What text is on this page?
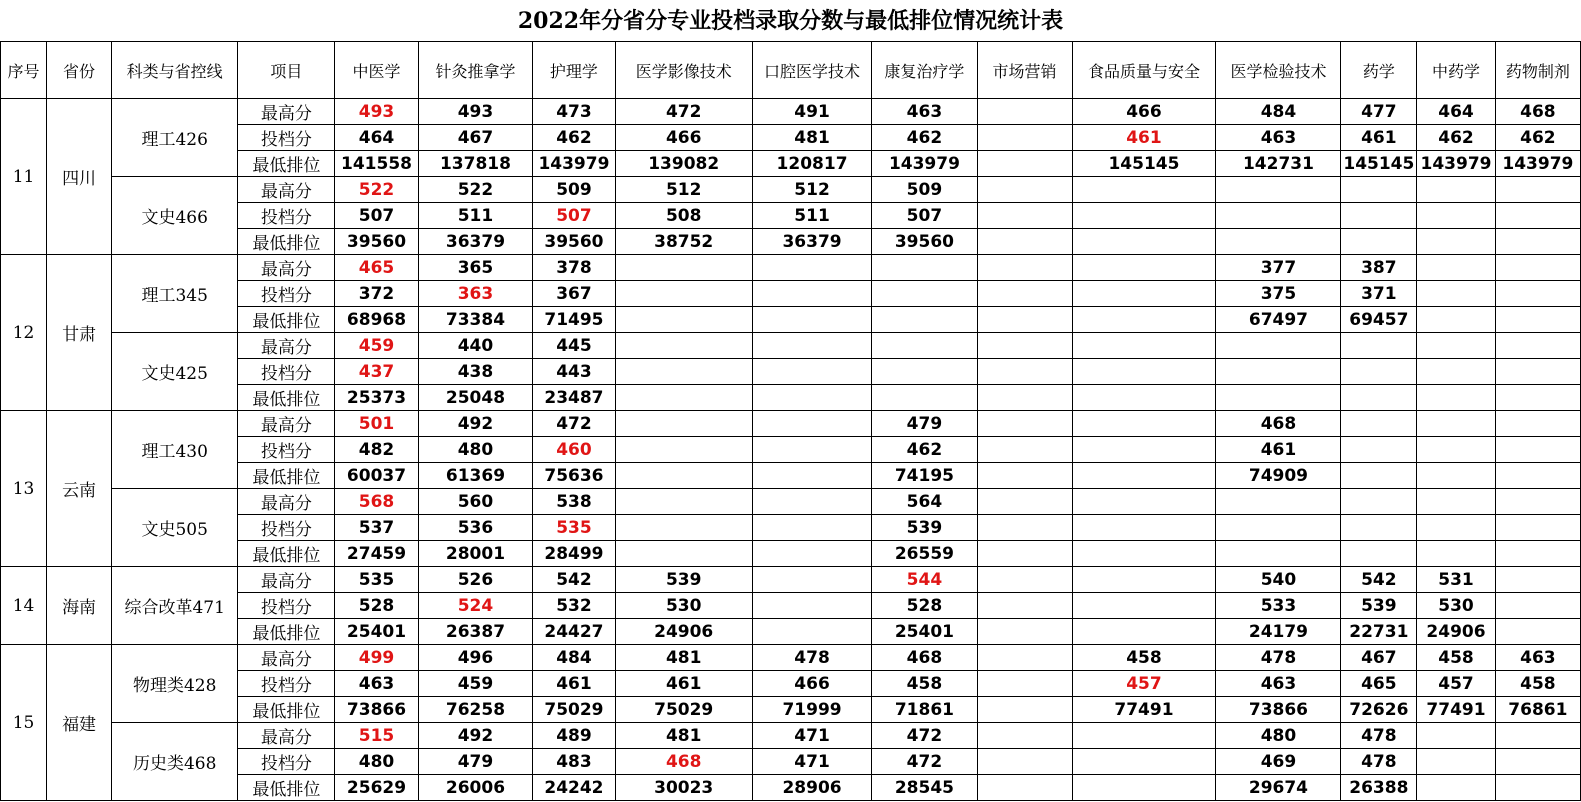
2022年分省分专业投档录取分数与最低排位情况统计表
序号	省份	科类与省控线	项目	中医学	针灸推拿学	护理学	医学影像技术	口腔医学技术	康复治疗学	市场营销	食品质量与安全	医学检验技术	药学	中药学	药物制剂
11	四川	理工426	最高分	493	493	473	472	491	463		466	484	477	464	468
			投档分	464	467	462	466	481	462		461	463	461	462	462
			最低排位	141558	137818	143979	139082	120817	143979		145145	142731	145145	143979	143979
		文史466	最高分	522	522	509	512	512	509						
			投档分	507	511	507	508	511	507						
			最低排位	39560	36379	39560	38752	36379	39560						
12	甘肃	理工345	最高分	465	365	378						377	387		
			投档分	372	363	367						375	371		
			最低排位	68968	73384	71495						67497	69457		
		文史425	最高分	459	440	445									
			投档分	437	438	443									
			最低排位	25373	25048	23487									
13	云南	理工430	最高分	501	492	472			479			468			
			投档分	482	480	460			462			461			
			最低排位	60037	61369	75636			74195			74909			
		文史505	最高分	568	560	538			564						
			投档分	537	536	535			539						
			最低排位	27459	28001	28499			26559						
14	海南	综合改革471	最高分	535	526	542	539		544			540	542	531	
			投档分	528	524	532	530		528			533	539	530	
			最低排位	25401	26387	24427	24906		25401			24179	22731	24906	
15	福建	物理类428	最高分	499	496	484	481	478	468		458	478	467	458	463
			投档分	463	459	461	461	466	458		457	463	465	457	458
			最低排位	73866	76258	75029	75029	71999	71861		77491	73866	72626	77491	76861
		历史类468	最高分	515	492	489	481	471	472			480	478		
			投档分	480	479	483	468	471	472			469	478		
			最低排位	25629	26006	24242	30023	28906	28545			29674	26388		
